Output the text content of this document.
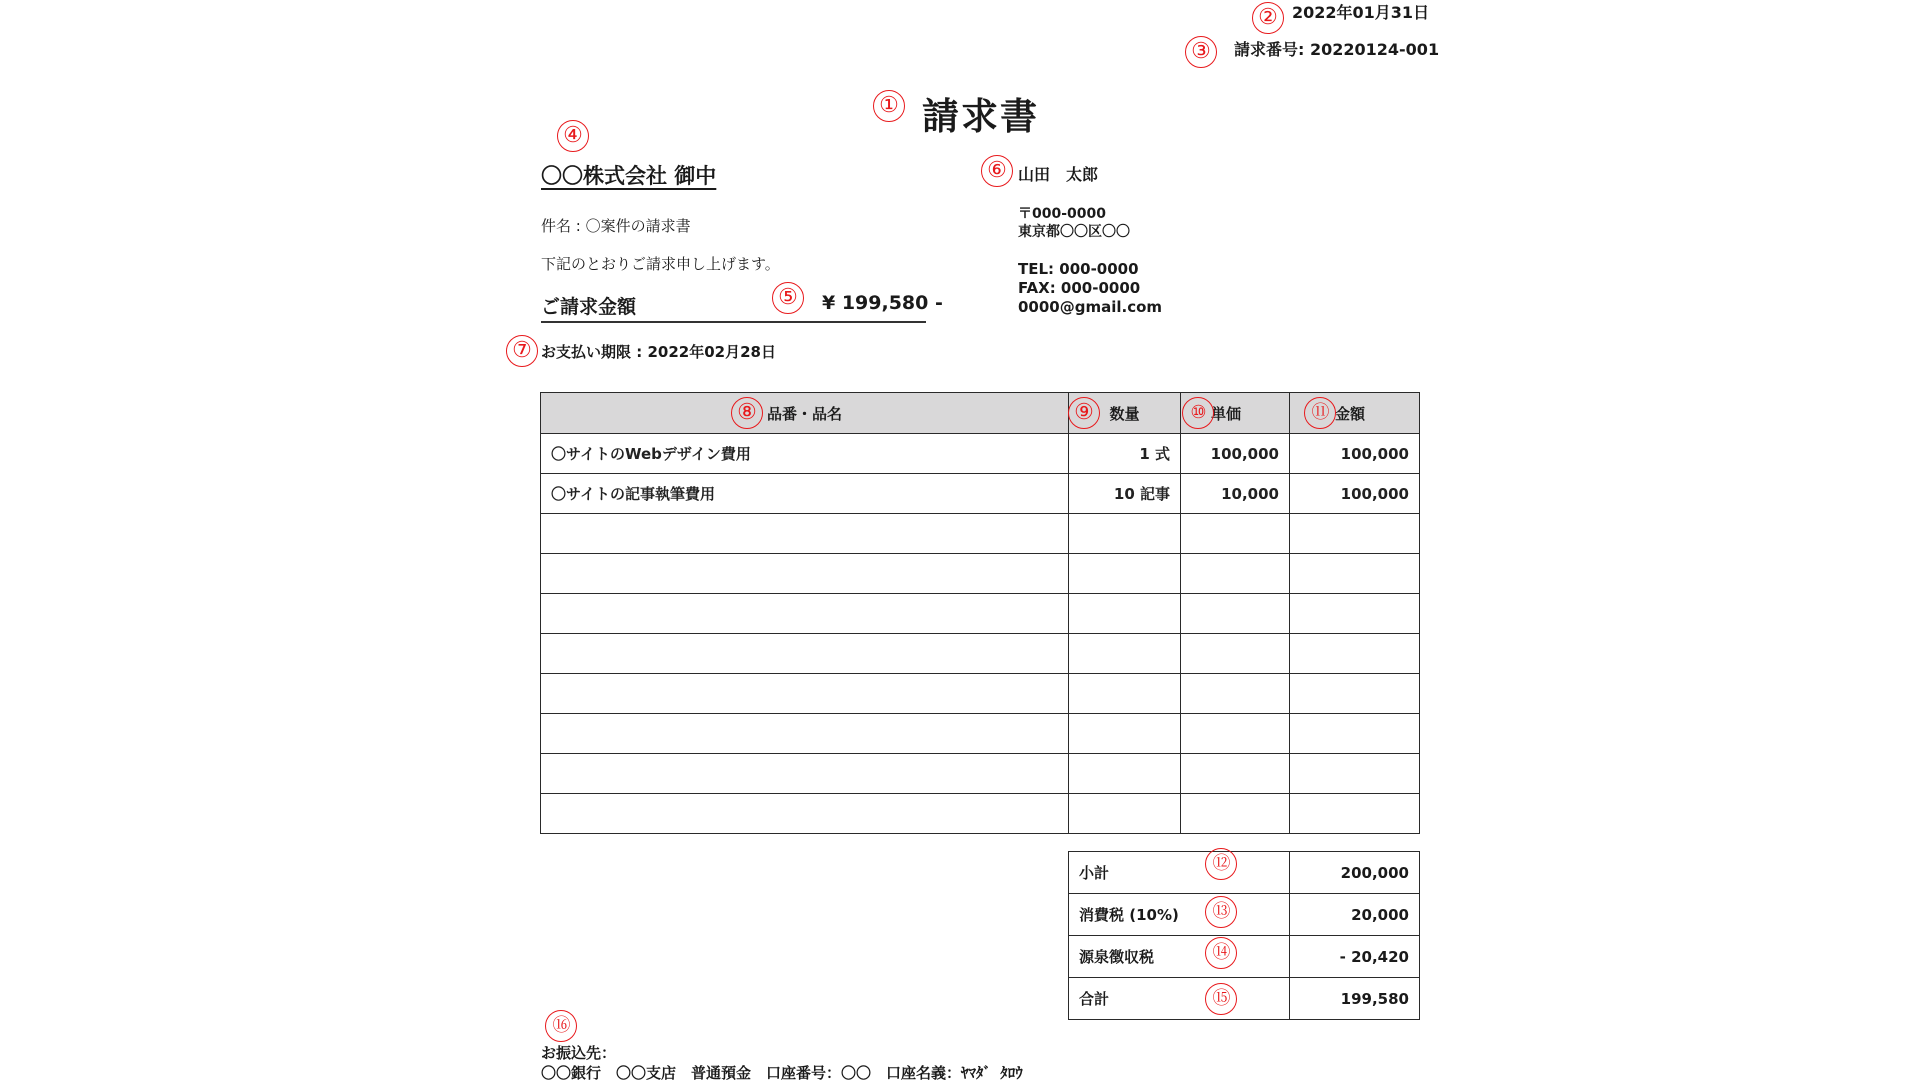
2022年01月31日
請求番号: 20220124-001
請求書
〇〇株式会社 御中
件名 : 〇案件の請求書
下記のとおりご請求申し上げます。
ご請求金額	¥ 199,580 -
お支払い期限 : 2022年02月28日
山田　太郎
〒000-0000
東京都〇〇区〇〇
TEL: 000-0000
FAX: 000-0000
0000@gmail.com
品番・品名	数量	単価	金額
〇サイトのWebデザイン費用	1 式	100,000	100,000
〇サイトの記事執筆費用	10 記事	10,000	100,000

小計	200,000
消費税 (10%)	20,000
源泉徴収税	- 20,420
合計	199,580
お振込先：
〇〇銀行　〇〇支店　普通預金　口座番号：〇〇　口座名義：ﾔﾏﾀﾞ ﾀﾛｳ
①
②
③
④
⑤
⑥
⑦
⑧	⑨	⑩	⑪
⑫
⑬
⑭
⑮
⑯
